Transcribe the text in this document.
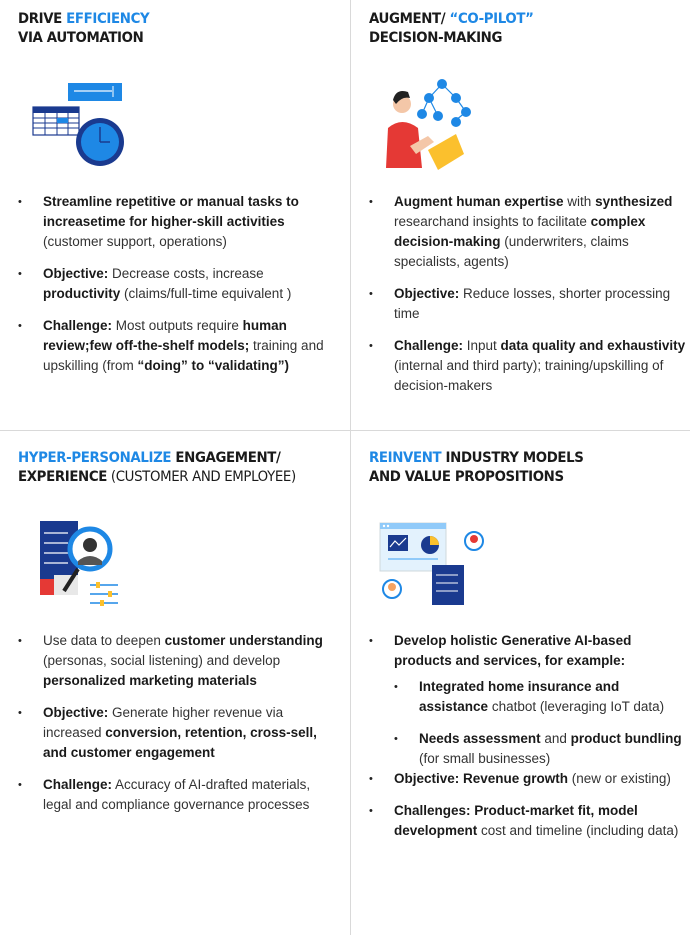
DRIVE EFFICIENCY
VIA AUTOMATION
• Streamline repetitive or manual tasks to increasetime for higher-skill activities (customer support, operations)
• Objective: Decrease costs, increase productivity (claims/full-time equivalent )
• Challenge: Most outputs require human review;few off-the-shelf models; training and upskilling (from “doing” to “validating”)
AUGMENT/ “CO-PILOT”
DECISION-MAKING
• Augment human expertise with synthesized researchand insights to facilitate complex decision-making (underwriters, claims specialists, agents)
• Objective: Reduce losses, shorter processing time
• Challenge: Input data quality and exhaustivity (internal and third party); training/upskilling of decision-makers
HYPER-PERSONALIZE ENGAGEMENT/
EXPERIENCE (CUSTOMER AND EMPLOYEE)
• Use data to deepen customer understanding (personas, social listening) and develop personalized marketing materials
• Objective: Generate higher revenue via increased conversion, retention, cross-sell, and customer engagement
• Challenge: Accuracy of AI-drafted materials, legal and compliance governance processes
REINVENT INDUSTRY MODELS
AND VALUE PROPOSITIONS
• Develop holistic Generative AI-based products and services, for example:
• Integrated home insurance and assistance chatbot (leveraging IoT data)
• Needs assessment and product bundling (for small businesses)
• Objective: Revenue growth (new or existing)
• Challenges: Product-market fit, model development cost and timeline (including data)
